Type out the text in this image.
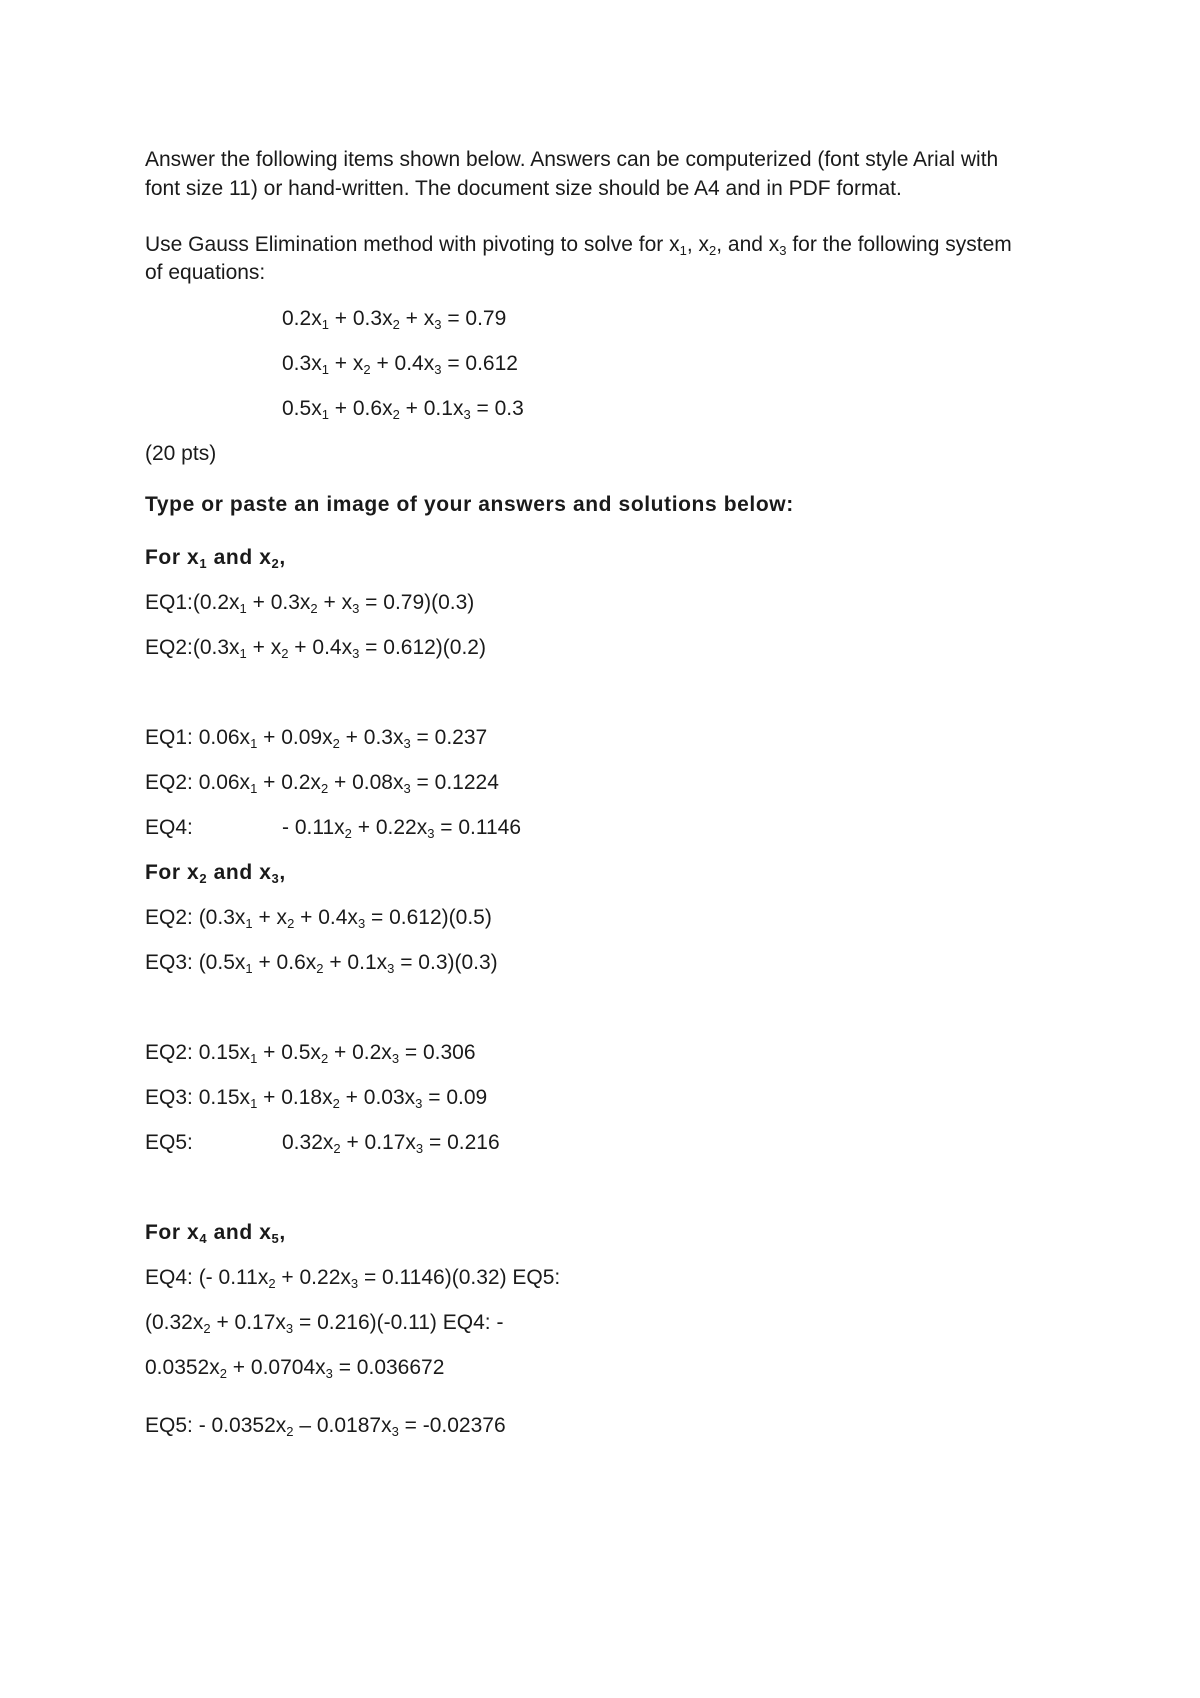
Answer the following items shown below. Answers can be computerized (font style Arial with
font size 11) or hand-written. The document size should be A4 and in PDF format.
Use Gauss Elimination method with pivoting to solve for $x_1$, $x_2$, and $x_3$ for the following system
of equations:
$0.2x_1 + 0.3x_2 + x_3 = 0.79$
$0.3x_1 + x_2 + 0.4x_3 = 0.612$
$0.5x_1 + 0.6x_2 + 0.1x_3 = 0.3$
(20 pts)
Type or paste an image of your answers and solutions below:
For $x_1$ and $x_2$,
$EQ1:(0.2x_1 + 0.3x_2 + x_3 = 0.79)(0.3)$
$EQ2:(0.3x_1 + x_2 + 0.4x_3 = 0.612)(0.2)$
EQ1: $0.06x_1 + 0.09x_2 + 0.3x_3 = 0.237$
EQ2: $0.06x_1 + 0.2x_2 + 0.08x_3 = 0.1224$
EQ4:	- $0.11x_2 + 0.22x_3 = 0.1146$
For $x_2$ and $x_3$,
EQ2: $(0.3x_1 + x_2 + 0.4x_3 = 0.612)(0.5)$
EQ3: $(0.5x_1 + 0.6x_2 + 0.1x_3 = 0.3)(0.3)$
EQ2: $0.15x_1 + 0.5x_2 + 0.2x_3 = 0.306$
EQ3: $0.15x_1 + 0.18x_2 + 0.03x_3 = 0.09$
EQ5:	$0.32x_2 + 0.17x_3 = 0.216$
For $x_4$ and $x_5$,
EQ4: (- $0.11x_2 + 0.22x_3 = 0.1146)(0.32)$ EQ5:
$(0.32x_2 + 0.17x_3 = 0.216)(-0.11)$ EQ4: -
$0.0352x_2 + 0.0704x_3 = 0.036672$
EQ5: - $0.0352x_2 - 0.0187x_3 = -0.02376$
